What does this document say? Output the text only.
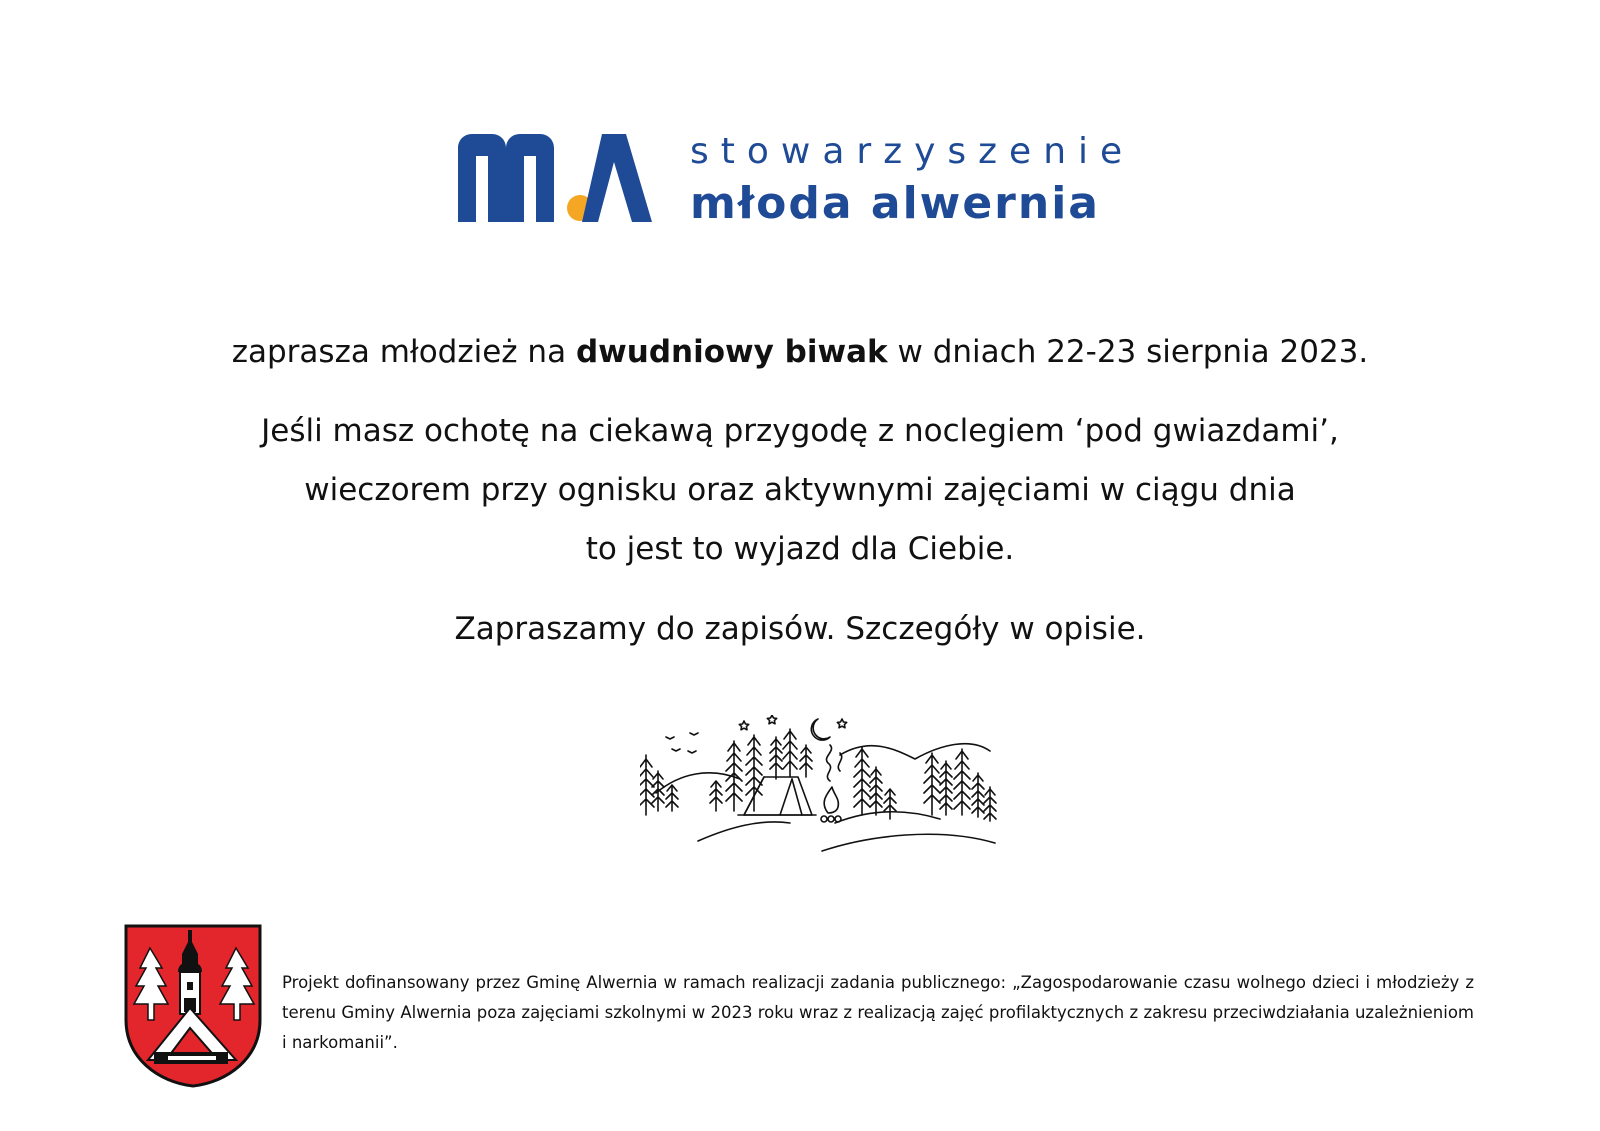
stowarzyszenie
młoda alwernia

zaprasza młodzież na dwudniowy biwak w dniach 22-23 sierpnia 2023.

Jeśli masz ochotę na ciekawą przygodę z noclegiem ‘pod gwiazdami’,

wieczorem przy ognisku oraz aktywnymi zajęciami w ciągu dnia

to jest to wyjazd dla Ciebie.

Zapraszamy do zapisów. Szczegóły w opisie.

Projekt dofinansowany przez Gminę Alwernia w ramach realizacji zadania publicznego: „Zagospodarowanie czasu wolnego dzieci i młodzieży z terenu Gminy Alwernia poza zajęciami szkolnymi w 2023 roku wraz z realizacją zajęć profilaktycznych z zakresu przeciwdziałania uzależnieniom i narkomanii”.
